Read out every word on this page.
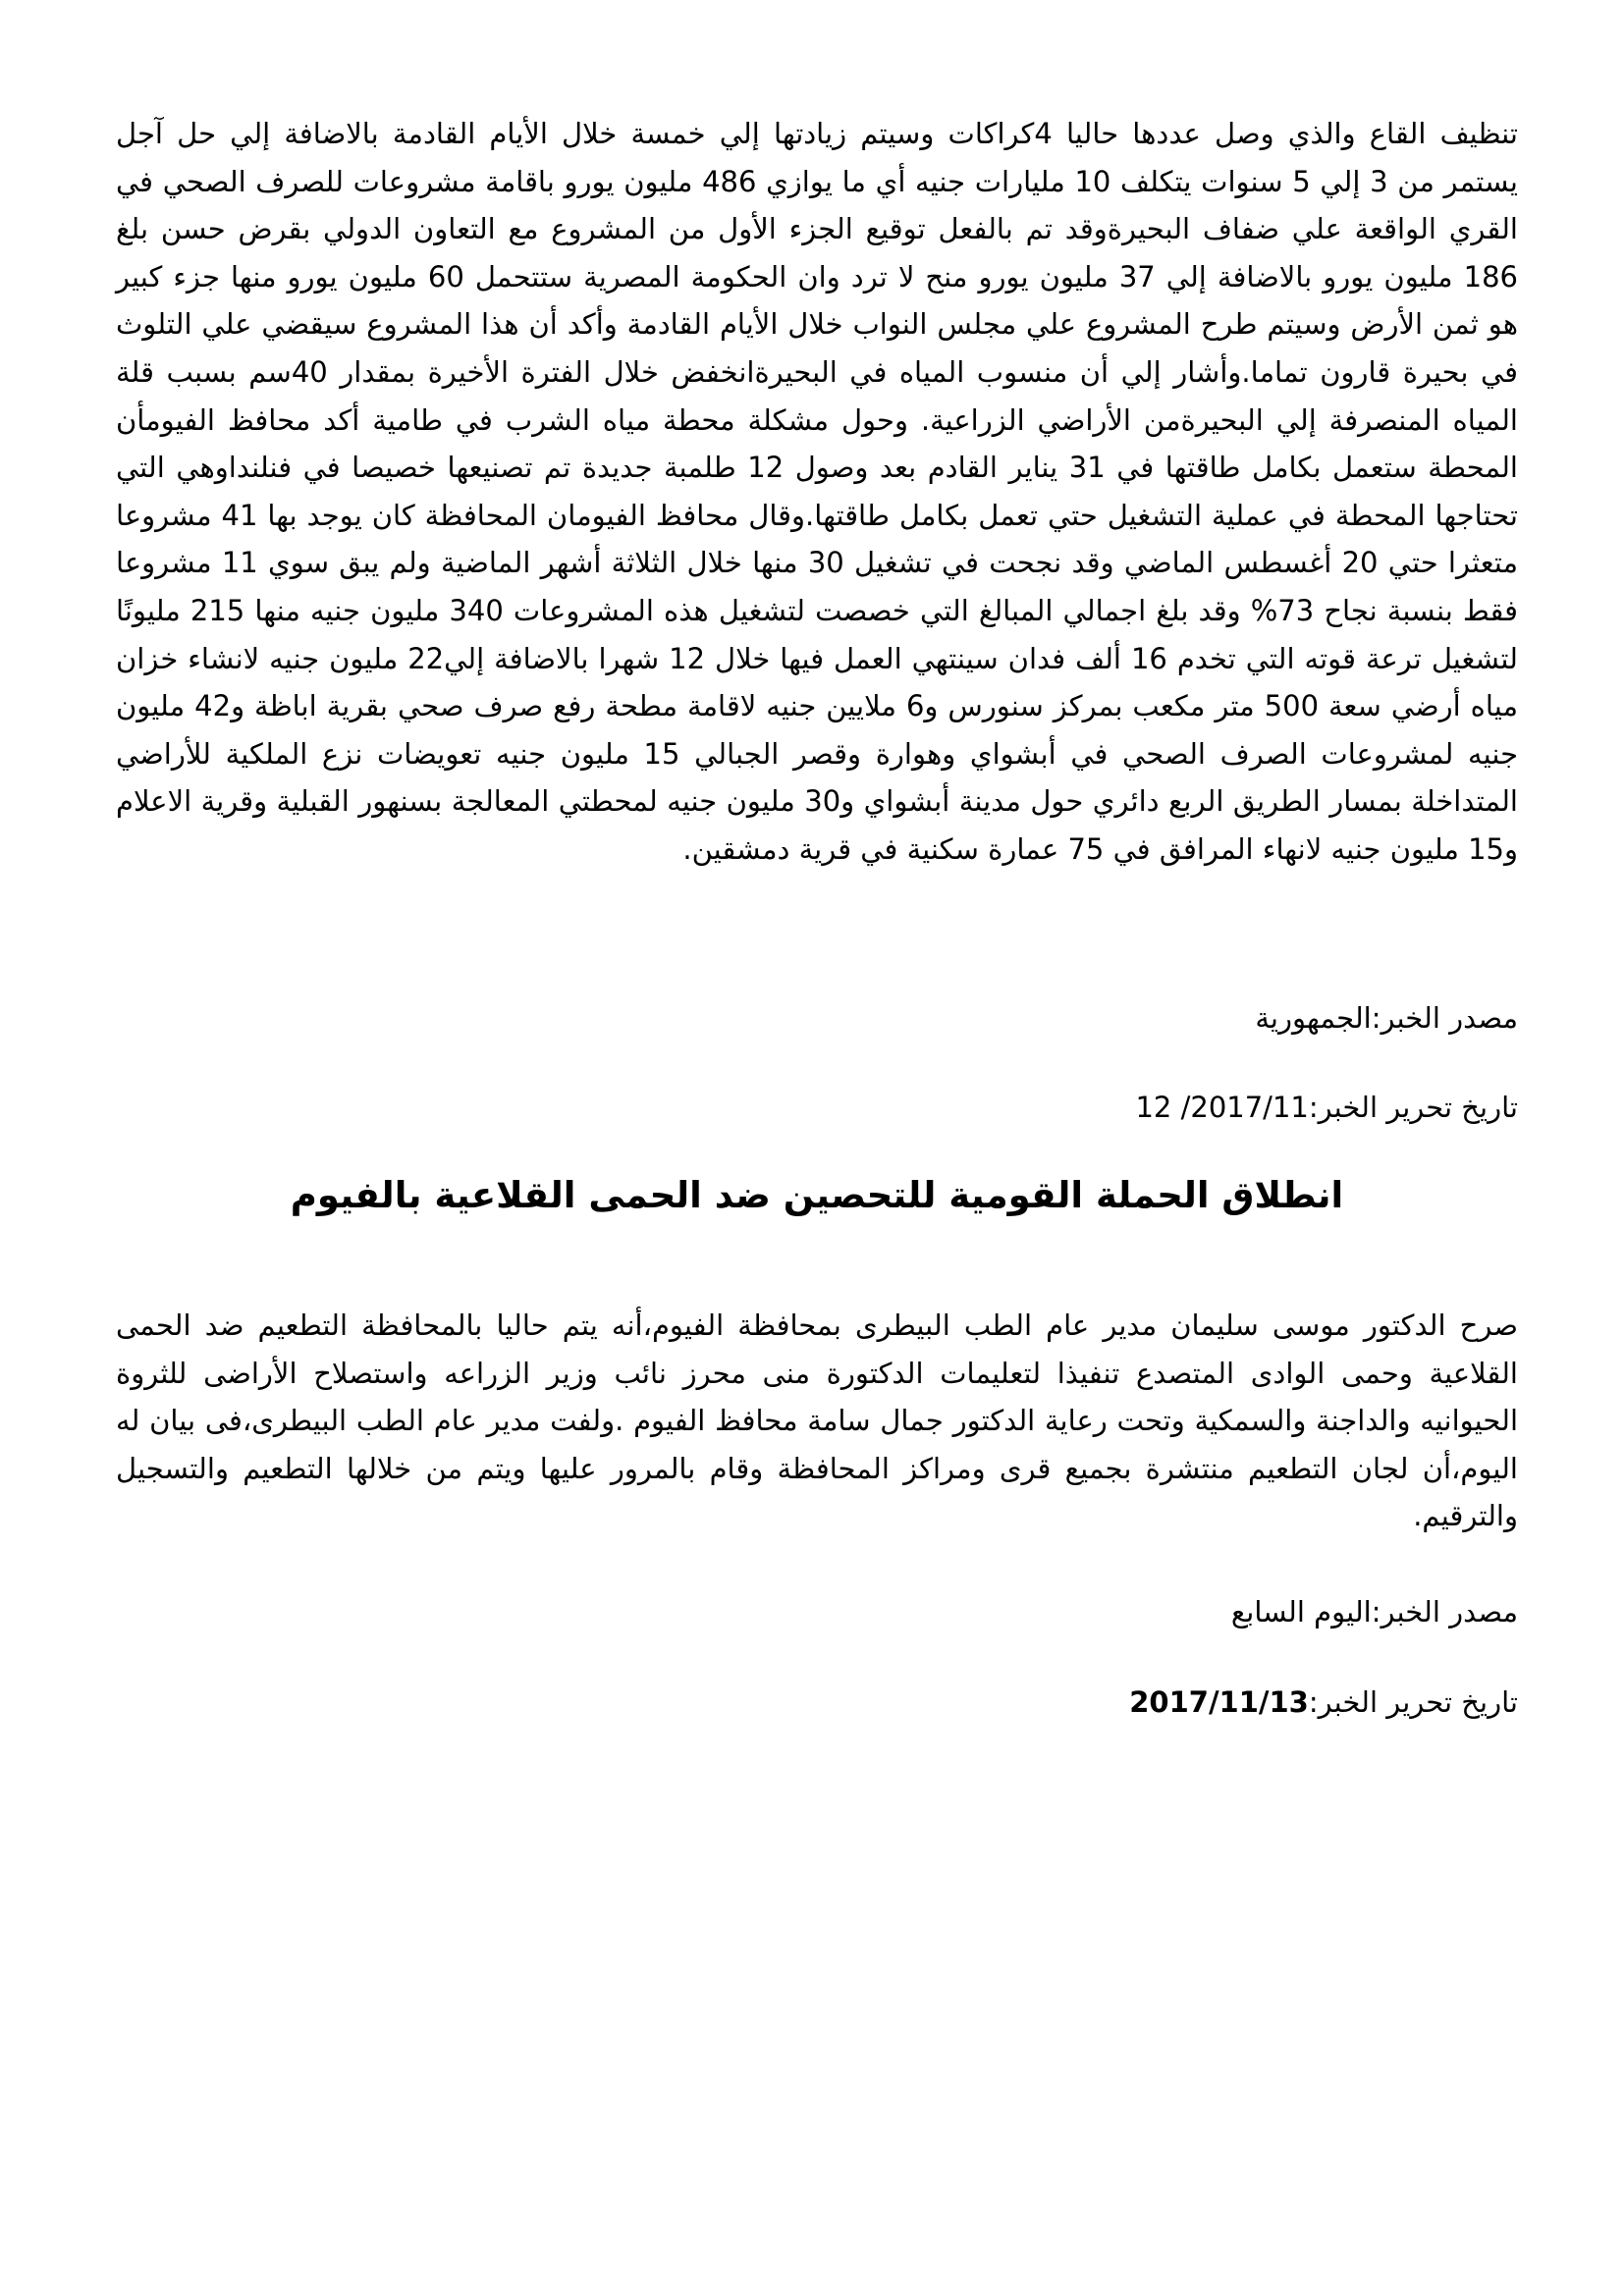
تنظيف القاع والذي وصل عددها حاليا 4كراكات وسيتم زيادتها إلي خمسة خلال الأيام القادمة بالاضافة إلي حل آجل يستمر من 3 إلي 5 سنوات يتكلف 10 مليارات جنيه أي ما يوازي 486 مليون يورو باقامة مشروعات للصرف الصحي في القري الواقعة علي ضفاف البحيرةوقد تم بالفعل توقيع الجزء الأول من المشروع مع التعاون الدولي بقرض حسن بلغ 186 مليون يورو بالاضافة إلي 37 مليون يورو منح لا ترد وان الحكومة المصرية ستتحمل 60 مليون يورو منها جزء كبير هو ثمن الأرض وسيتم طرح المشروع علي مجلس النواب خلال الأيام القادمة وأكد أن هذا المشروع سيقضي علي التلوث في بحيرة قارون تماما.وأشار إلي أن منسوب المياه في البحيرةانخفض خلال الفترة الأخيرة بمقدار 40سم بسبب قلة المياه المنصرفة إلي البحيرةمن الأراضي الزراعية. وحول مشكلة محطة مياه الشرب في طامية أكد محافظ الفيومأن المحطة ستعمل بكامل طاقتها في 31 يناير القادم بعد وصول 12 طلمبة جديدة تم تصنيعها خصيصا في فنلنداوهي التي تحتاجها المحطة في عملية التشغيل حتي تعمل بكامل طاقتها.وقال محافظ الفيومان المحافظة كان يوجد بها 41 مشروعا متعثرا حتي 20 أغسطس الماضي وقد نجحت في تشغيل 30 منها خلال الثلاثة أشهر الماضية ولم يبق سوي 11 مشروعا فقط بنسبة نجاح 73% وقد بلغ اجمالي المبالغ التي خصصت لتشغيل هذه المشروعات 340 مليون جنيه منها 215 مليونًا لتشغيل ترعة قوته التي تخدم 16 ألف فدان سينتهي العمل فيها خلال 12 شهرا بالاضافة إلي22 مليون جنيه لانشاء خزان مياه أرضي سعة 500 متر مكعب بمركز سنورس و6 ملايين جنيه لاقامة مطحة رفع صرف صحي بقرية اباظة و42 مليون جنيه لمشروعات الصرف الصحي في أبشواي وهوارة وقصر الجبالي 15 مليون جنيه تعويضات نزع الملكية للأراضي المتداخلة بمسار الطريق الربع دائري حول مدينة أبشواي و30 مليون جنيه لمحطتي المعالجة بسنهور القبلية وقرية الاعلام و15 مليون جنيه لانهاء المرافق في 75 عمارة سكنية في قرية دمشقين.

مصدر الخبر:الجمهورية

تاريخ تحرير الخبر:12 /2017/11

انطلاق الحملة القومية للتحصين ضد الحمى القلاعية بالفيوم

صرح الدكتور موسى سليمان مدير عام الطب البيطرى بمحافظة الفيوم،أنه يتم حاليا بالمحافظة التطعيم ضد الحمى القلاعية وحمى الوادى المتصدع تنفيذا لتعليمات الدكتورة منى محرز نائب وزير الزراعه واستصلاح الأراضى للثروة الحيوانيه والداجنة والسمكية وتحت رعاية الدكتور جمال سامة محافظ الفيوم .ولفت مدير عام الطب البيطرى،فى بيان له اليوم،أن لجان التطعيم منتشرة بجميع قرى ومراكز المحافظة وقام بالمرور عليها ويتم من خلالها التطعيم والتسجيل والترقيم.

مصدر الخبر:اليوم السابع

تاريخ تحرير الخبر:2017/11/13
